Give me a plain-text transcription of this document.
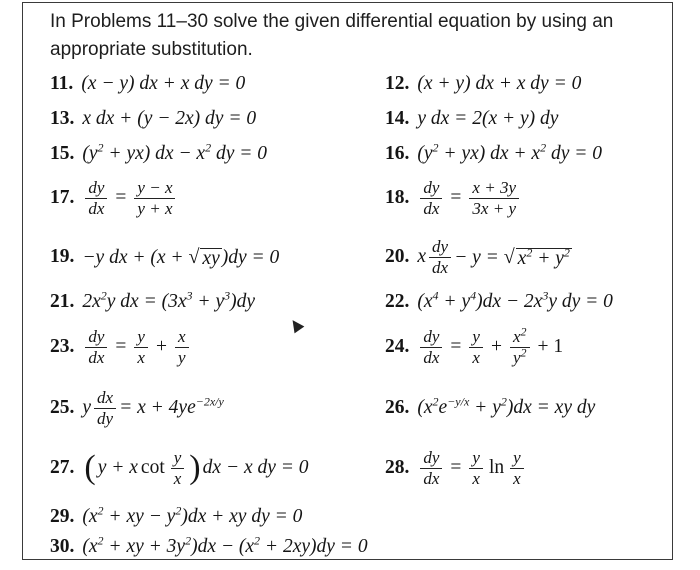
In Problems 11–30 solve the given differential equation by using an
appropriate substitution.
11. (x − y) dx + x dy = 0	12. (x + y) dx + x dy = 0
13. x dx + (y − 2x) dy = 0	14. y dx = 2(x + y) dy
15. $(y^2 + yx)$ dx − $x^2$ dy = 0	16. $(y^2 + yx)$ dx + $x^2$ dy = 0
17. $\frac{dy}{dx} = \frac{y - x}{y + x}$	18. $\frac{dy}{dx} = \frac{x + 3y}{3x + y}$
19. −y dx + (x + √ xy )dy = 0	20. x $\frac{dy}{dx} - y$ = √ $x^2 + y^2$
21. $2x^2y$ dx = $(3x^3 + y^3)dy$	22. $(x^4 + y^4)dx - 2x^3y$ dy = 0
23. $\frac{dy}{dx} = \frac{y}{x} + \frac{x}{y}$	24. $\frac{dy}{dx} = \frac{y}{x} + \frac{x^2}{y^2} + 1$
25. y $\frac{dx}{dy} = x + 4ye^{-2x/y}$	26. $(x^2e^{-y/x} + y^2)dx$ = xy dy
27. ( y + x $\cot \frac{y}{x}$ ) dx − x dy = 0	28. $\frac{dy}{dx} = \frac{y}{x}$ $\ln \frac{y}{x}$
29. ($x^2$ + xy − $y^2)dx$ + xy dy = 0
30. ($x^2$ + xy + $3y^2)dx - (x^2 + 2xy)dy = 0$
